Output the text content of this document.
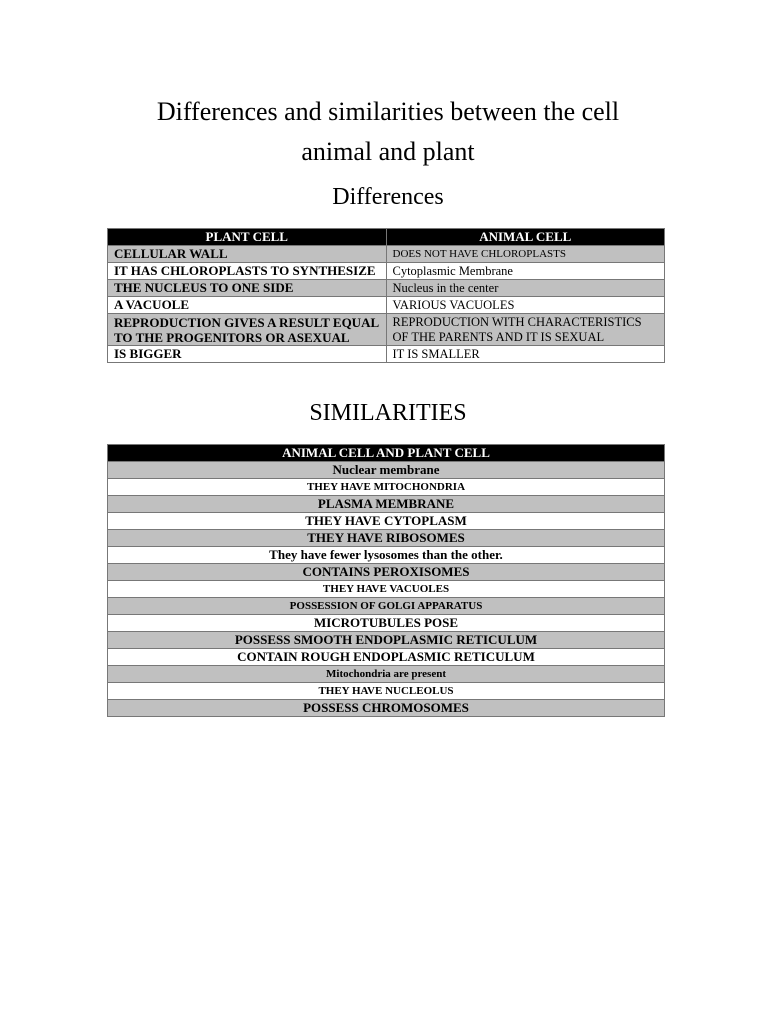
Differences and similarities between the cell
animal and plant
Differences
PLANT CELL	ANIMAL CELL
CELLULAR WALL	DOES NOT HAVE CHLOROPLASTS
IT HAS CHLOROPLASTS TO SYNTHESIZE	Cytoplasmic Membrane
THE NUCLEUS TO ONE SIDE	Nucleus in the center
A VACUOLE	VARIOUS VACUOLES
REPRODUCTION GIVES A RESULT EQUAL TO THE PROGENITORS OR ASEXUAL	REPRODUCTION WITH CHARACTERISTICS OF THE PARENTS AND IT IS SEXUAL
IS BIGGER	IT IS SMALLER
SIMILARITIES
ANIMAL CELL AND PLANT CELL
Nuclear membrane
THEY HAVE MITOCHONDRIA
PLASMA MEMBRANE
THEY HAVE CYTOPLASM
THEY HAVE RIBOSOMES
They have fewer lysosomes than the other.
CONTAINS PEROXISOMES
THEY HAVE VACUOLES
POSSESSION OF GOLGI APPARATUS
MICROTUBULES POSE
POSSESS SMOOTH ENDOPLASMIC RETICULUM
CONTAIN ROUGH ENDOPLASMIC RETICULUM
Mitochondria are present
THEY HAVE NUCLEOLUS
POSSESS CHROMOSOMES
